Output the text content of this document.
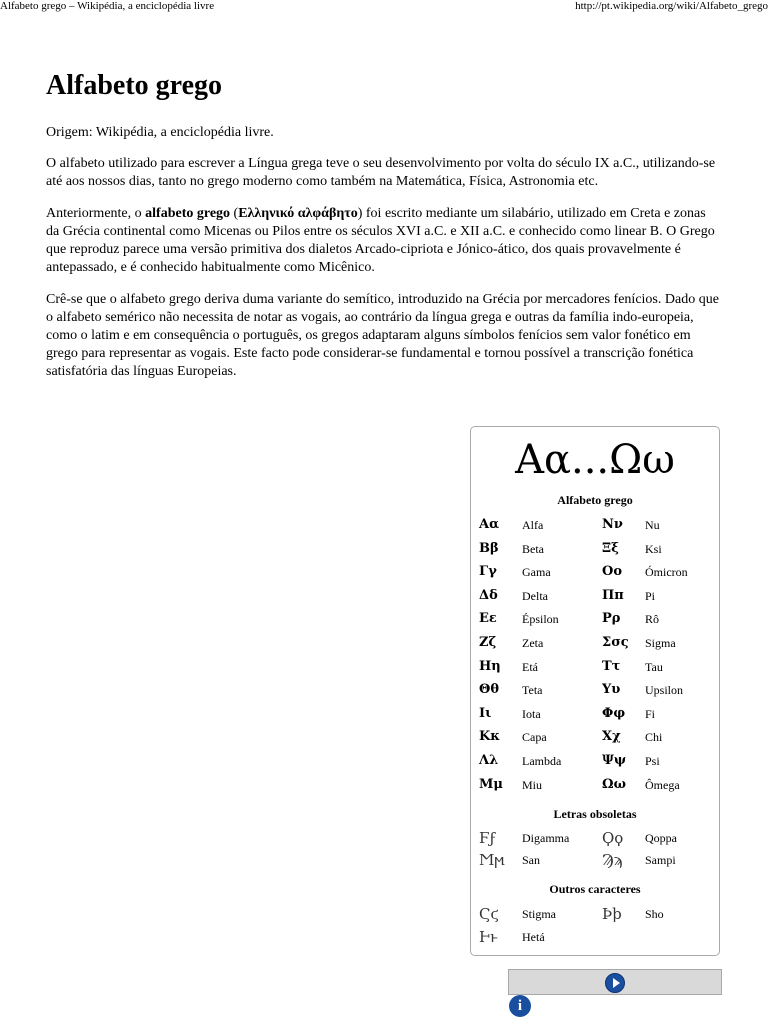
Alfabeto grego – Wikipédia, a enciclopédia livre	http://pt.wikipedia.org/wiki/Alfabeto_grego
Alfabeto grego
Origem: Wikipédia, a enciclopédia livre.

O alfabeto utilizado para escrever a Língua grega teve o seu desenvolvimento por volta do século IX a.C., utilizando-se até aos nossos dias, tanto no grego moderno como também na Matemática, Física, Astronomia etc.

Anteriormente, o alfabeto grego (Ελληνικό αλφάβητο) foi escrito mediante um silabário, utilizado em Creta e zonas da Grécia continental como Micenas ou Pilos entre os séculos XVI a.C. e XII a.C. e conhecido como linear B. O Grego que reproduz parece uma versão primitiva dos dialetos Arcado-cipriota e Jónico-ático, dos quais provavelmente é antepassado, e é conhecido habitualmente como Micênico.

Crê-se que o alfabeto grego deriva duma variante do semítico, introduzido na Grécia por mercadores fenícios. Dado que o alfabeto semérico não necessita de notar as vogais, ao contrário da língua grega e outras da família indo-europeia, como o latim e em consequência o português, os gregos adaptaram alguns símbolos fenícios sem valor fonético em grego para representar as vogais. Este facto pode considerar-se fundamental e tornou possível a transcrição fonética satisfatória das línguas Europeias.

Αα...Ωω
Alfabeto grego
Αα Alfa
Ββ Beta
Γγ Gama
Δδ Delta
Εε Épsilon
Ζζ Zeta
Ηη Etá
Θθ Teta
Ιι	Iota
Κκ Capa
Λλ Lambda
Μμ Miu
Νν Nu
Ξξ Ksi
Οο Ómicron
Ππ Pi
Ρρ Rô
Σσς Sigma
Ττ Tau
Υυ Upsilon
Φφ Fi
Χχ Chi
Ψψ Psi
Ωω Ômega
Letras obsoletas
Ϝϝ Digamma
Ϻϻ San
Ϙϙ Qoppa
Ϡϡ Sampi
Outros caracteres
Ϛϛ Stigma
Ͱͱ Hetá
Ϸϸ Sho
i
